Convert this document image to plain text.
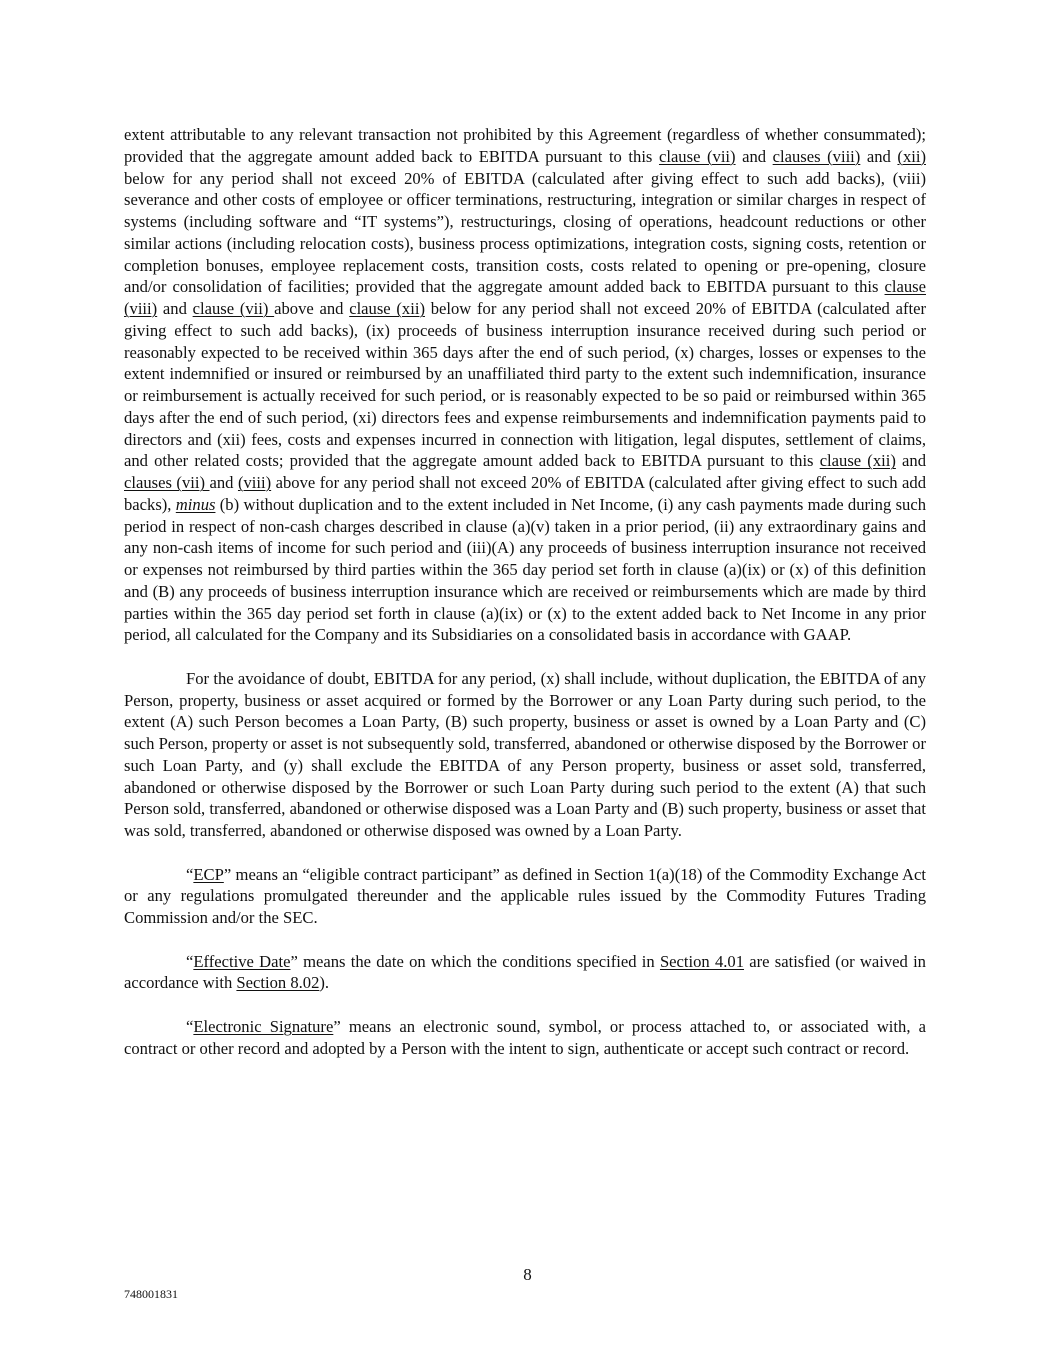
extent attributable to any relevant transaction not prohibited by this Agreement (regardless of whether consummated); provided that the aggregate amount added back to EBITDA pursuant to this clause (vii) and clauses (viii) and (xii) below for any period shall not exceed 20% of EBITDA (calculated after giving effect to such add backs), (viii) severance and other costs of employee or officer terminations, restructuring, integration or similar charges in respect of systems (including software and “IT systems”), restructurings, closing of operations, headcount reductions or other similar actions (including relocation costs), business process optimizations, integration costs, signing costs, retention or completion bonuses, employee replacement costs, transition costs, costs related to opening or pre-opening, closure and/or consolidation of facilities; provided that the aggregate amount added back to EBITDA pursuant to this clause (viii) and clause (vii) above and clause (xii) below for any period shall not exceed 20% of EBITDA (calculated after giving effect to such add backs), (ix) proceeds of business interruption insurance received during such period or reasonably expected to be received within 365 days after the end of such period, (x) charges, losses or expenses to the extent indemnified or insured or reimbursed by an unaffiliated third party to the extent such indemnification, insurance or reimbursement is actually received for such period, or is reasonably expected to be so paid or reimbursed within 365 days after the end of such period, (xi) directors fees and expense reimbursements and indemnification payments paid to directors and (xii) fees, costs and expenses incurred in connection with litigation, legal disputes, settlement of claims, and other related costs; provided that the aggregate amount added back to EBITDA pursuant to this clause (xii) and clauses (vii) and (viii) above for any period shall not exceed 20% of EBITDA (calculated after giving effect to such add backs), minus (b) without duplication and to the extent included in Net Income, (i) any cash payments made during such period in respect of non-cash charges described in clause (a)(v) taken in a prior period, (ii) any extraordinary gains and any non-cash items of income for such period and (iii)(A) any proceeds of business interruption insurance not received or expenses not reimbursed by third parties within the 365 day period set forth in clause (a)(ix) or (x) of this definition and (B) any proceeds of business interruption insurance which are received or reimbursements which are made by third parties within the 365 day period set forth in clause (a)(ix) or (x) to the extent added back to Net Income in any prior period, all calculated for the Company and its Subsidiaries on a consolidated basis in accordance with GAAP.

For the avoidance of doubt, EBITDA for any period, (x) shall include, without duplication, the EBITDA of any Person, property, business or asset acquired or formed by the Borrower or any Loan Party during such period, to the extent (A) such Person becomes a Loan Party, (B) such property, business or asset is owned by a Loan Party and (C) such Person, property or asset is not subsequently sold, transferred, abandoned or otherwise disposed by the Borrower or such Loan Party, and (y) shall exclude the EBITDA of any Person property, business or asset sold, transferred, abandoned or otherwise disposed by the Borrower or such Loan Party during such period to the extent (A) that such Person sold, transferred, abandoned or otherwise disposed was a Loan Party and (B) such property, business or asset that was sold, transferred, abandoned or otherwise disposed was owned by a Loan Party.

“ECP” means an “eligible contract participant” as defined in Section 1(a)(18) of the Commodity Exchange Act or any regulations promulgated thereunder and the applicable rules issued by the Commodity Futures Trading Commission and/or the SEC.

“Effective Date” means the date on which the conditions specified in Section 4.01 are satisfied (or waived in accordance with Section 8.02).

“Electronic Signature” means an electronic sound, symbol, or process attached to, or associated with, a contract or other record and adopted by a Person with the intent to sign, authenticate or accept such contract or record.

8
748001831
